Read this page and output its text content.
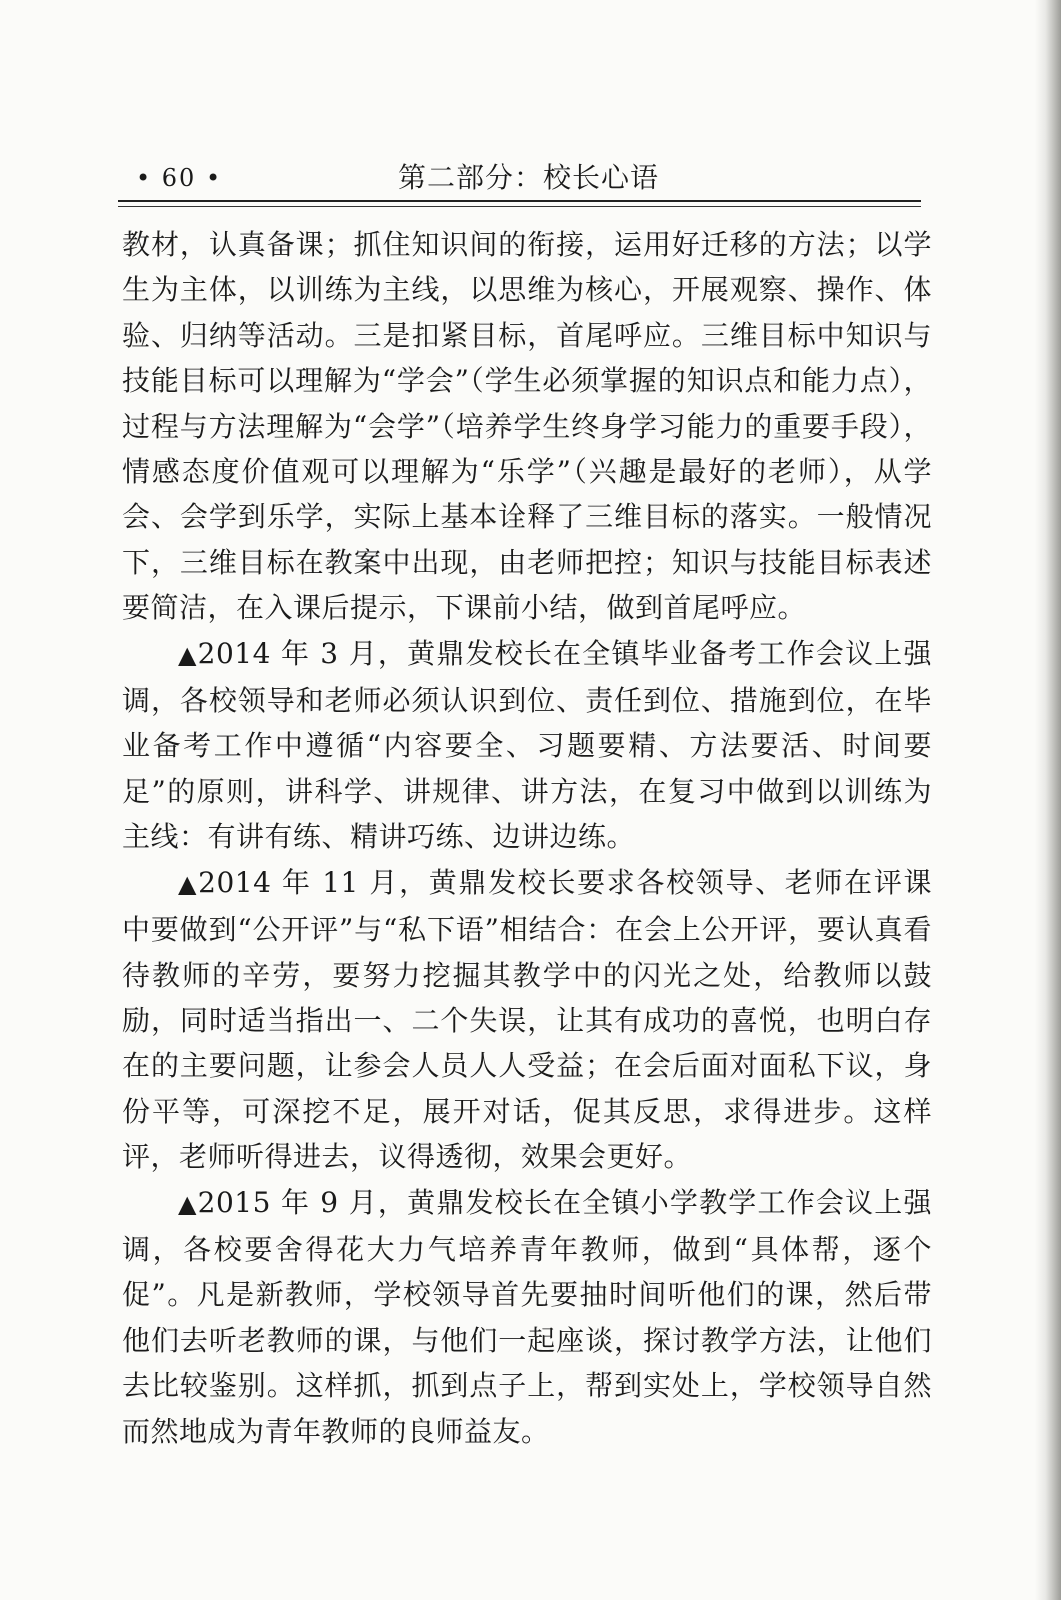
• 60 •	第二部分：校长心语

教材，认真备课；抓住知识间的衔接，运用好迁移的方法；以学生为主体，以训练为主线，以思维为核心，开展观察、操作、体验、归纳等活动。三是扣紧目标，首尾呼应。三维目标中知识与技能目标可以理解为“学会”（学生必须掌握的知识点和能力点），过程与方法理解为“会学”（培养学生终身学习能力的重要手段），情感态度价值观可以理解为“乐学”（兴趣是最好的老师），从学会、会学到乐学，实际上基本诠释了三维目标的落实。一般情况下，三维目标在教案中出现，由老师把控；知识与技能目标表述要简洁，在入课后提示，下课前小结，做到首尾呼应。

▲2014 年 3 月，黄鼎发校长在全镇毕业备考工作会议上强调，各校领导和老师必须认识到位、责任到位、措施到位，在毕业备考工作中遵循“内容要全、习题要精、方法要活、时间要足”的原则，讲科学、讲规律、讲方法，在复习中做到以训练为主线：有讲有练、精讲巧练、边讲边练。

▲2014 年 11 月，黄鼎发校长要求各校领导、老师在评课中要做到“公开评”与“私下语”相结合：在会上公开评，要认真看待教师的辛劳，要努力挖掘其教学中的闪光之处，给教师以鼓励，同时适当指出一、二个失误，让其有成功的喜悦，也明白存在的主要问题，让参会人员人人受益；在会后面对面私下议，身份平等，可深挖不足，展开对话，促其反思，求得进步。这样评，老师听得进去，议得透彻，效果会更好。

▲2015 年 9 月，黄鼎发校长在全镇小学教学工作会议上强调，各校要舍得花大力气培养青年教师，做到“具体帮，逐个促”。凡是新教师，学校领导首先要抽时间听他们的课，然后带他们去听老教师的课，与他们一起座谈，探讨教学方法，让他们去比较鉴别。这样抓，抓到点子上，帮到实处上，学校领导自然而然地成为青年教师的良师益友。
